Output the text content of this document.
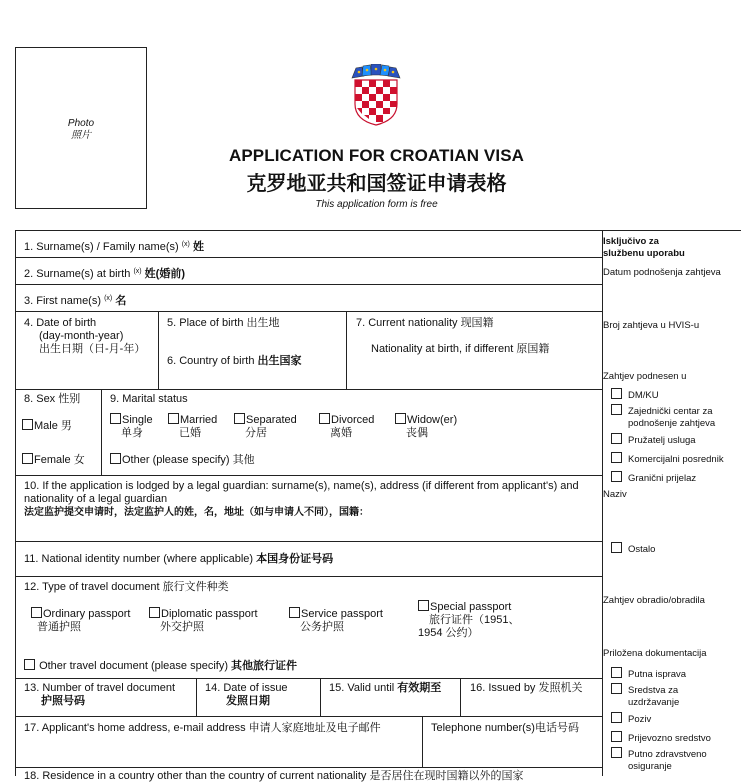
Photo
照片
APPLICATION FOR CROATIAN VISA
克罗地亚共和国签证申请表格
This application form is free
1. Surname(s) / Family name(s) $^{(x)}$ 姓
2. Surname(s) at birth $^{(x)}$ 姓(婚前)
3. First name(s) $^{(x)}$ 名
4. Date of birth
(day-month-year)
出生日期（日-月-年）
5. Place of birth 出生地
6. Country of birth 出生国家
7. Current nationality 现国籍
Nationality at birth, if different 原国籍
8. Sex 性别
Male 男
Female 女
9. Marital status
Single
单身
Married
已婚
Separated
分居
Divorced
离婚
Widow(er)
丧偶
Other (please specify) 其他
10. If the application is lodged by a legal guardian: surname(s), name(s), address (if different from applicant's) and
nationality of a legal guardian
法定监护提交申请时，法定监护人的姓，名，地址（如与申请人不同），国籍：
11. National identity number (where applicable) 本国身份证号码
12. Type of travel document 旅行文件种类
Ordinary passport
普通护照
Diplomatic passport
外交护照
Service passport
公务护照
Special passport
旅行证件（1951、
1954 公约）
Other travel document (please specify) 其他旅行证件
13. Number of travel document
护照号码
14. Date of issue
发照日期
15. Valid until 有效期至	16. Issued by 发照机关
17. Applicant's home address, e-mail address 申请人家庭地址及电子邮件	Telephone number(s)电话号码
18. Residence in a country other than the country of current nationality 是否居住在现时国籍以外的国家
Isključivo za
službenu uporabu
Datum podnošenja zahtjeva
Broj zahtjeva u HVIS-u
Zahtjev podnesen u
DM/KU
Zajednički centar za
podnošenje zahtjeva
Pružatelj usluga
Komercijalni posrednik
Granični prijelaz
Naziv
Ostalo
Zahtjev obradio/obradila
Priložena dokumentacija
Putna isprava
Sredstva za
uzdržavanje
Poziv
Prijevozno sredstvo
Putno zdravstveno
osiguranje
